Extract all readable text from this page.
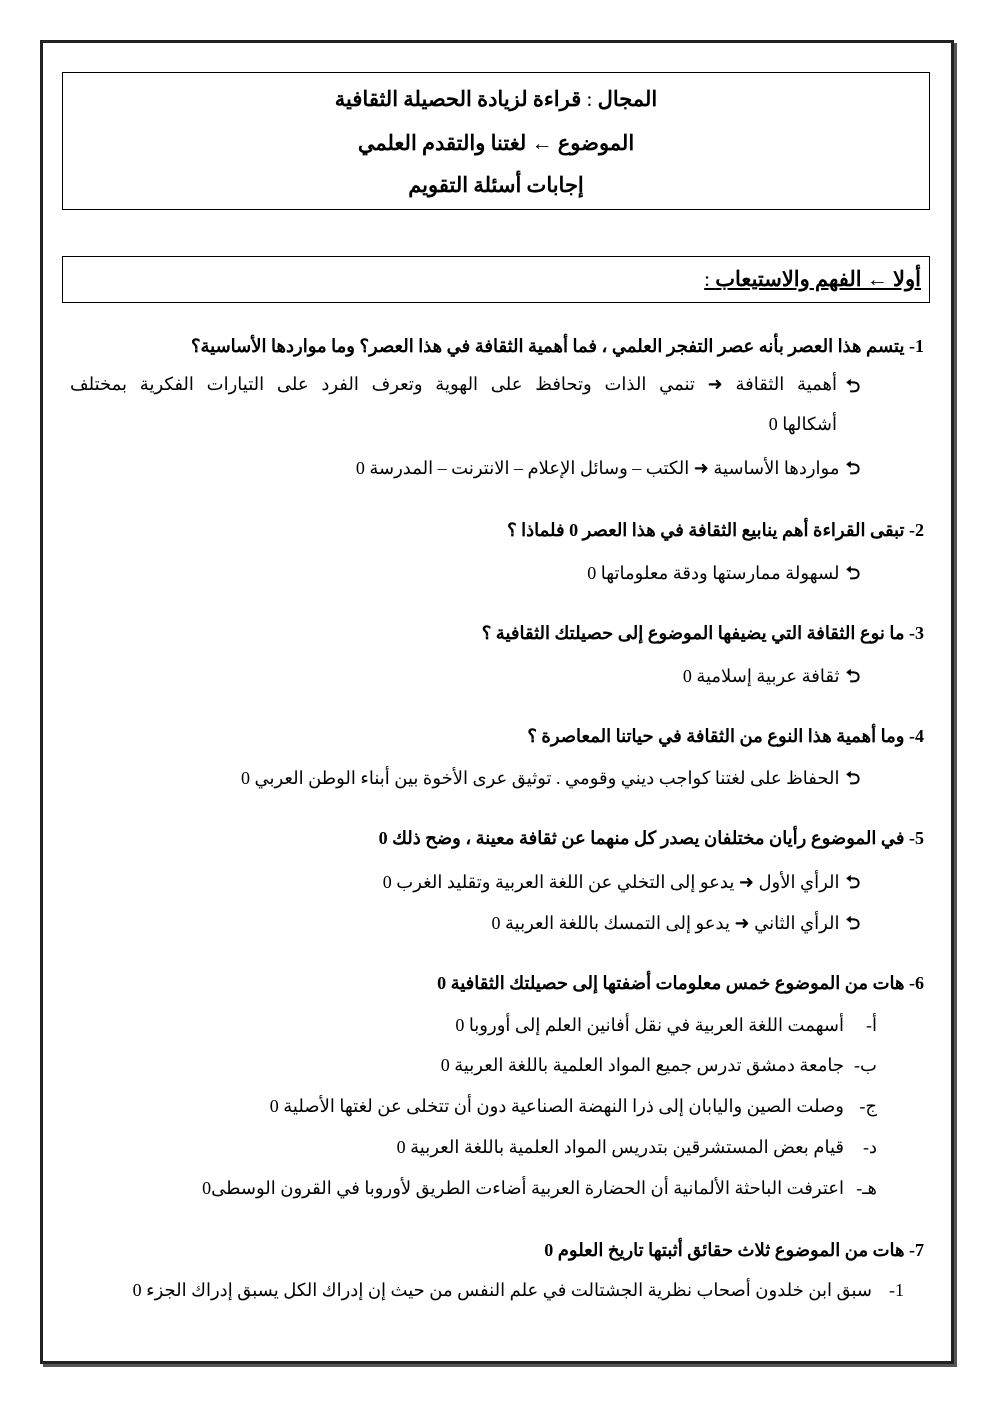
المجال : قراءة لزيادة الحصيلة الثقافية
الموضوع ← لغتنا والتقدم العلمي
إجابات أسئلة التقويم
أولا ← الفهم والاستيعاب :
1- يتسم هذا العصر بأنه عصر التفجر العلمي ، فما أهمية الثقافة في هذا العصر؟ وما مواردها الأساسية؟
⮌
أهمية الثقافة ➜ تنمي الذات وتحافظ على الهوية وتعرف الفرد على التيارات الفكرية بمختلف
أشكالها 0
⮌ مواردها الأساسية ➜ الكتب – وسائل الإعلام – الانترنت – المدرسة 0
2- تبقى القراءة أهم ينابيع الثقافة في هذا العصر 0 فلماذا ؟
⮌ لسهولة ممارستها ودقة معلوماتها 0
3- ما نوع الثقافة التي يضيفها الموضوع إلى حصيلتك الثقافية ؟
⮌ ثقافة عربية إسلامية 0
4- وما أهمية هذا النوع من الثقافة في حياتنا المعاصرة ؟
⮌ الحفاظ على لغتنا كواجب ديني وقومي . توثيق عرى الأخوة بين أبناء الوطن العربي 0
5- في الموضوع رأيان مختلفان يصدر كل منهما عن ثقافة معينة ، وضح ذلك 0
⮌ الرأي الأول ➜ يدعو إلى التخلي عن اللغة العربية وتقليد الغرب 0
⮌ الرأي الثاني ➜ يدعو إلى التمسك باللغة العربية 0
6- هات من الموضوع خمس معلومات أضفتها إلى حصيلتك الثقافية 0
أ-
أسهمت اللغة العربية في نقل أفانين العلم إلى أوروبا 0
ب-
جامعة دمشق تدرس جميع المواد العلمية باللغة العربية 0
ج-
وصلت الصين واليابان إلى ذرا النهضة الصناعية دون أن تتخلى عن لغتها الأصلية 0
د-
قيام بعض المستشرقين بتدريس المواد العلمية باللغة العربية 0
هـ-
اعترفت الباحثة الألمانية أن الحضارة العربية أضاءت الطريق لأوروبا في القرون الوسطى0
7- هات من الموضوع ثلاث حقائق أثبتها تاريخ العلوم 0
1-
سبق ابن خلدون أصحاب نظرية الجشتالت في علم النفس من حيث إن إدراك الكل يسبق إدراك الجزء 0
